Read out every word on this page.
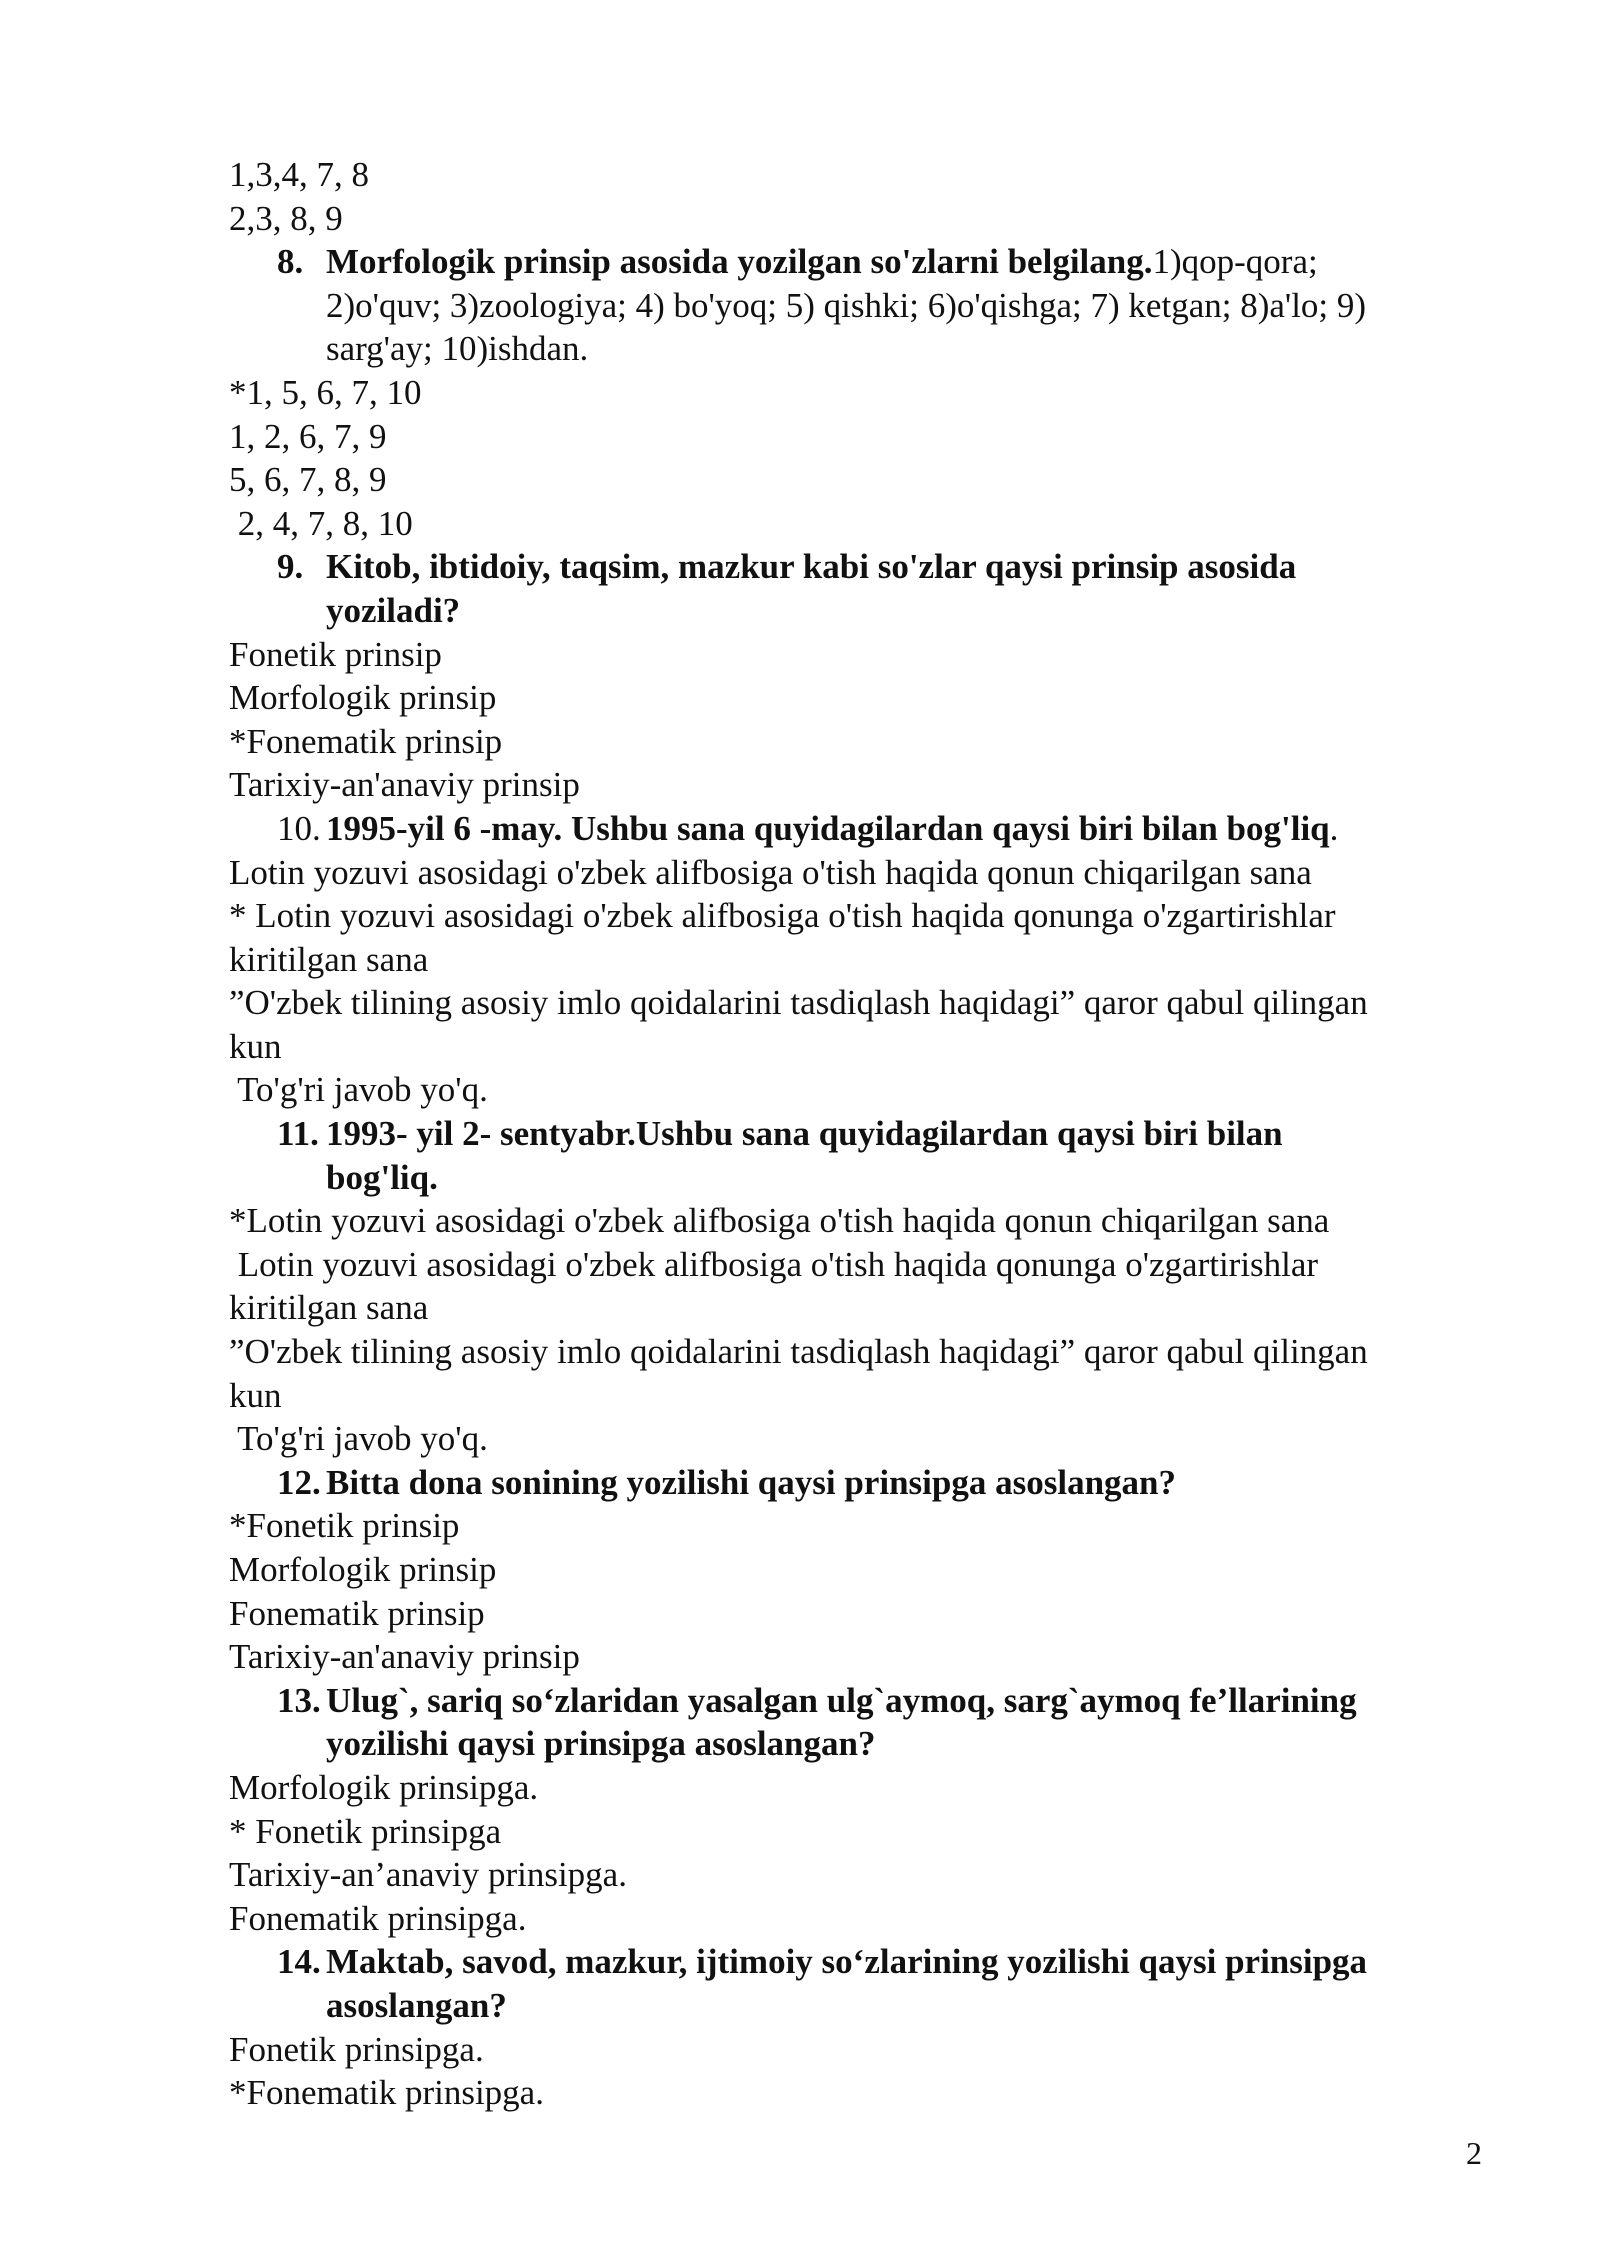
1,3,4, 7, 8
2,3, 8, 9
8. Morfologik prinsip asosida yozilgan so'zlarni belgilang.1)qop-qora;
2)o'quv; 3)zoologiya; 4) bo'yoq; 5) qishki; 6)o'qishga; 7) ketgan; 8)a'lo; 9)
sarg'ay; 10)ishdan.
*1, 5, 6, 7, 10
1, 2, 6, 7, 9
5, 6, 7, 8, 9
2, 4, 7, 8, 10
9. Kitob, ibtidoiy, taqsim, mazkur kabi so'zlar qaysi prinsip asosida
yoziladi?
Fonetik prinsip
Morfologik prinsip
*Fonematik prinsip
Tarixiy-an'anaviy prinsip
10. 1995-yil 6 -may. Ushbu sana quyidagilardan qaysi biri bilan bog'liq.
Lotin yozuvi asosidagi o'zbek alifbosiga o'tish haqida qonun chiqarilgan sana
* Lotin yozuvi asosidagi o'zbek alifbosiga o'tish haqida qonunga o'zgartirishlar
kiritilgan sana
”O'zbek tilining asosiy imlo qoidalarini tasdiqlash haqidagi” qaror qabul qilingan
kun
To'g'ri javob yo'q.
11. 1993- yil 2- sentyabr.Ushbu sana quyidagilardan qaysi biri bilan
bog'liq.
*Lotin yozuvi asosidagi o'zbek alifbosiga o'tish haqida qonun chiqarilgan sana
Lotin yozuvi asosidagi o'zbek alifbosiga o'tish haqida qonunga o'zgartirishlar
kiritilgan sana
”O'zbek tilining asosiy imlo qoidalarini tasdiqlash haqidagi” qaror qabul qilingan
kun
To'g'ri javob yo'q.
12. Bitta dona sonining yozilishi qaysi prinsipga asoslangan?
*Fonetik prinsip
Morfologik prinsip
Fonematik prinsip
Tarixiy-an'anaviy prinsip
13. Ulug`, sariq so‘zlaridan yasalgan ulg`aymoq, sarg`aymoq fe’llarining
yozilishi qaysi prinsipga asoslangan?
Morfologik prinsipga.
* Fonetik prinsipga
Tarixiy-an’anaviy prinsipga.
Fonematik prinsipga.
14. Maktab, savod, mazkur, ijtimoiy so‘zlarining yozilishi qaysi prinsipga
asoslangan?
Fonetik prinsipga.
*Fonematik prinsipga.
2
